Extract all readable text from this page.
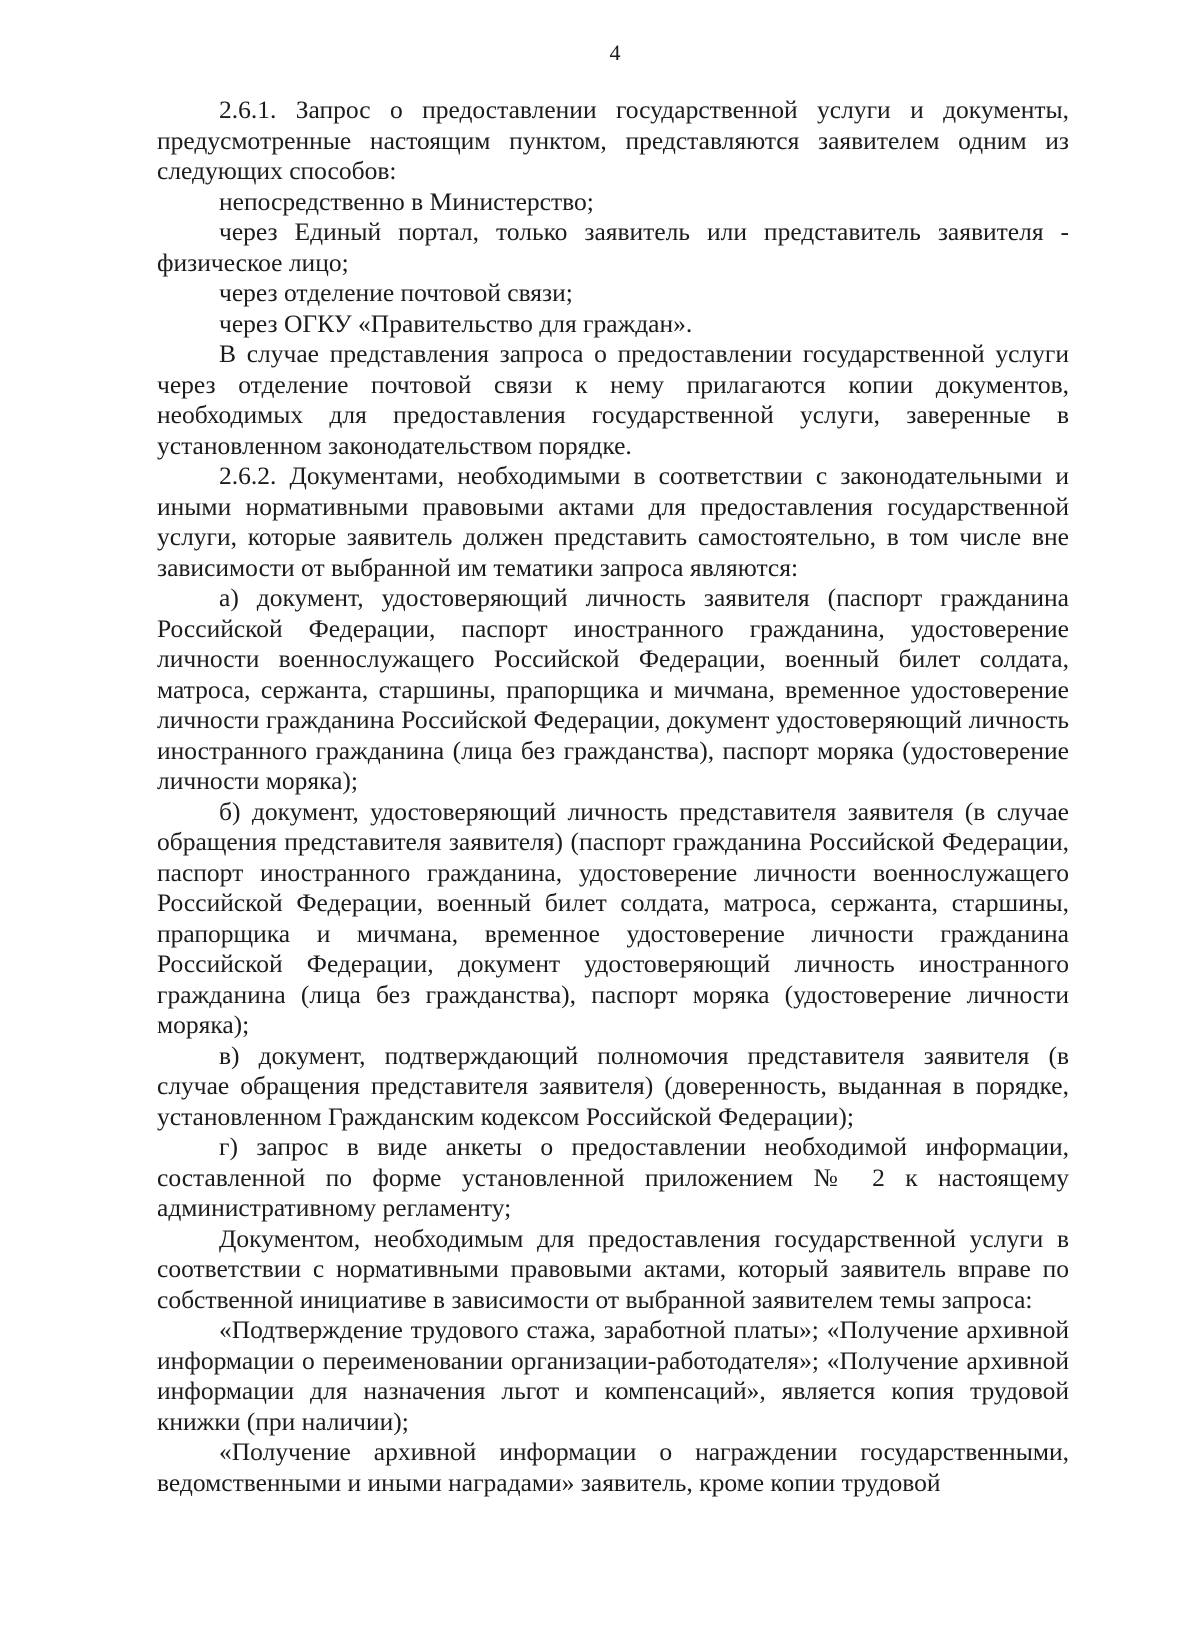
4

2.6.1. Запрос о предоставлении государственной услуги и документы, предусмотренные настоящим пунктом, представляются заявителем одним из следующих способов:

непосредственно в Министерство;

через Единый портал, только заявитель или представитель заявителя - физическое лицо;

через отделение почтовой связи;

через ОГКУ «Правительство для граждан».

В случае представления запроса о предоставлении государственной услуги через отделение почтовой связи к нему прилагаются копии документов, необходимых для предоставления государственной услуги, заверенные в установленном законодательством порядке.

2.6.2. Документами, необходимыми в соответствии с законодательными и иными нормативными правовыми актами для предоставления государственной услуги, которые заявитель должен представить самостоятельно, в том числе вне зависимости от выбранной им тематики запроса являются:

а) документ, удостоверяющий личность заявителя (паспорт гражданина Российской Федерации, паспорт иностранного гражданина, удостоверение личности военнослужащего Российской Федерации, военный билет солдата, матроса, сержанта, старшины, прапорщика и мичмана, временное удостоверение личности гражданина Российской Федерации, документ удостоверяющий личность иностранного гражданина (лица без гражданства), паспорт моряка (удостоверение личности моряка);

б) документ, удостоверяющий личность представителя заявителя (в случае обращения представителя заявителя) (паспорт гражданина Российской Федерации, паспорт иностранного гражданина, удостоверение личности военнослужащего Российской Федерации, военный билет солдата, матроса, сержанта, старшины, прапорщика и мичмана, временное удостоверение личности гражданина Российской Федерации, документ удостоверяющий личность иностранного гражданина (лица без гражданства), паспорт моряка (удостоверение личности моряка);

в) документ, подтверждающий полномочия представителя заявителя (в случае обращения представителя заявителя) (доверенность, выданная в порядке, установленном Гражданским кодексом Российской Федерации);

г) запрос в виде анкеты о предоставлении необходимой информации, составленной по форме установленной приложением № 2 к настоящему административному регламенту;

Документом, необходимым для предоставления государственной услуги в соответствии с нормативными правовыми актами, который заявитель вправе по собственной инициативе в зависимости от выбранной заявителем темы запроса:

«Подтверждение трудового стажа, заработной платы»; «Получение архивной информации о переименовании организации-работодателя»; «Получение архивной информации для назначения льгот и компенсаций», является копия трудовой книжки (при наличии);

«Получение архивной информации о награждении государственными, ведомственными и иными наградами» заявитель, кроме копии трудовой
